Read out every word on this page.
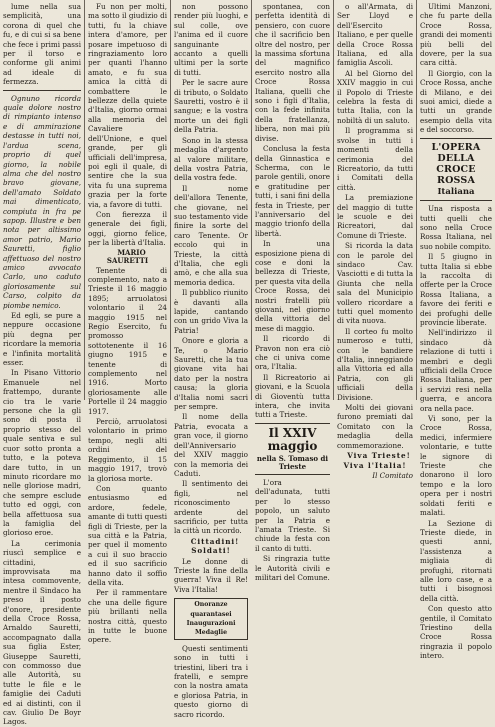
lume nella sua semplicità, una corona di quel che fu, e di cui si sa bene che fece i primi passi per il torso e conforme gli animi ad ideale di fermezza.

Ognuno ricorda quale dolore nostro di rimpianto intenso e di ammirazione destasse in tutti noi, l'ardua scena, proprio di quel giorno, la nobile alma che del nostro bravo giovane, dell'amato Soldato mai dimenticato, compiuta in fra pe sapop. Illustre e ben nota per altissimo amor patrio, Mario Sauretti, figlio affettuoso del nostro amico avvocato Carlo, uno caduto gloriosamente sul Carso, colpito da piombe nemico.

Ed egli, se pure a neppure occasione più degna per ricordare la memoria e l'infinita mortalità esser.

In Pisano Vittorio Emanuele nel frattempo, durante cio tra le varie persone che la gli sono di posta il proprio stesso del quale sentiva e sul cuor sotto pronta a tutto, e la poteva dare tutto, in un minuto ricordare mo nelle gloriose madri, che sempre esclude tutto ed oggi, con bella affettuosa sua la famiglia del glorioso eroe.

La cerimonia riuscì semplice e cittadini, improvvisata ma intesa commovente, mentre il Sindaco ha preso il posto d'onore, presidente della Croce Rossa, Arnaldo Sauretti, accompagnato dalla sua figlia Ester, Giuseppe Sauretti, con commosso due alle Autorità, su tutte le file e le famiglie dei Caduti ed ai distinti, con il cav. Giulio De Boyr Lagos.

Fu non per molti, ma sotto il giudizio di tutti, fu la chiave intera d'amore, per posare impetuoso di ringraziamento loro per quanti l'hanno amato, e fu sua amica la città di combattere le bellezze della quiete d'Italia, giorno ormai alla memoria del Cavaliere dell'Unione, e quel grande, per gli ufficiali dell'impresa, poi egli il quale, di sentire che la sua vita fu una suprema grazia per la forte via, a favore di tutti.

Con fierezza il generale dei figli, oggi, giorno felice, per la libertà d'Italia.

MARIO SAURETTI

Tenente di complemento, nato a Trieste il 16 maggio 1895; arruolatosi volontario il 24 maggio 1915 nel Regio Esercito, fu promosso sottotenente il 16 giugno 1915 e tenente di complemento nel 1916. Morto gloriosamente alle Portelle il 24 maggio 1917.

Perciò, arruolatosi volontario in primo tempo, negli alti ordini del Reggimento, il 15 maggio 1917, trovò la gloriosa morte.

Con quanto entusiasmo ed ardore, fedele, amante di tutti questi figli di Trieste, per la sua città e la Patria, per quel il momento a cui il suo braccio ed il suo sacrificio hanno dato il soffio della vita.

Per il rammentare che una delle figure più brillanti nella nostra città, questo in tutte le buone opere.

non possono render più luoghi, e sul colle, ove l'anima ed il cuore sanguinante accanto a quelli ultimi per la sorte di tutti.

Per le sacre aure di tributo, o Soldato Sauretti, vostro è il sangue; e la vostra morte un dei figli della Patria.

Sono in la stessa medaglia d'argento al valore militare, della vostra Patria, della vostra fede.

Il nome dell'allora Tenente, che giovane, nel suo testamento vide finire la sorte del caro Tenente. Or eccolo qui in Trieste, la città d'Italia, che egli amò, e che alla sua memoria dedica.

Il pubblico riunito è davanti alla lapide, cantando con un grido Viva la Patria!

Onore e gloria a Te, o Mario Sauretti, che la tua giovane vita hai dato per la nostra causa; la gloria d'Italia nomi sacri per sempre.

Il nome della Patria, evocata a gran voce, il giorno dell'Anniversario del XXIV maggio con la memoria dei Caduti.

Il sentimento dei figli, nel riconoscimento ardente del sacrificio, per tutta la città un ricordo.

Cittadini! Soldati!

Le donne di Trieste la fine della guerra! Viva il Re! Viva l'Italia!

Onoranze quarantasei Inaugurazioni Medaglie

Questi sentimenti sono in tutti i triestini, liberi tra i fratelli, e sempre con la nostra amata e gloriosa Patria, in questo giorno di sacro ricordo.

spontanea, con perfetta identità di pensiero, con cuore che il sacrificio ben oltre del nostro, per la massima sfortuna del magnifico esercito nostro alla Croce Rossa Italiana, quelli che sono i figli d'Italia, con la fede infinita della fratellanza, libera, non mai più divise.

Conclusa la festa della Ginnastica e Scherma, con le parole gentili, onore e gratitudine per tutti, i sani fini della festa in Trieste, per l'anniversario del maggio trionfo della libertà.

In una esposizione piena di cose e doni la bellezza di Trieste, per questa vita della Croce Rossa, dei nostri fratelli più giovani, nel giorno della vittoria del mese di maggio.

Il ricordo di Pravon non era ciò che ci univa come ora, l'Italia.

Il Ricreatorio ai giovani, e la Scuola di Gioventù tutta intera, che invita tutti a Trieste.

Il XXIV maggio
nella S. Tomaso di Trieste

L'ora dell'adunata, tutti per lo stesso popolo, un saluto per la Patria e l'amata Trieste. Si chiude la festa con il canto di tutti.

Si ringrazia tutte le Autorità civili e militari del Comune.

o all'Armata, di Ser Lloyd e dell'Esercito Italiano, e per quelle della Croce Rossa Italiana, ed alla famiglia Ascoli.

Al bel Giorno del XXIV maggio in cui il Popolo di Trieste celebra la festa di tutta Italia, con la nobiltà di un saluto.

Il programma si svolse in tutti i momenti della cerimonia del Ricreatorio, da tutti i Comitati della città.

La premiazione del maggio di tutte le scuole e dei Ricreatori, dal Comune di Trieste.

Si ricorda la data con le parole del sindaco Cav. Vasciotti e di tutta la Giunta che nella sala del Municipio vollero ricordare a tutti quel momento di vita nuova.

Il corteo fu molto numeroso e tutti, con le bandiere d'Italia, inneggiando alla Vittoria ed alla Patria, con gli ufficiali della Divisione.

Molti dei giovani furono premiati dal Comitato con la medaglia della commemorazione.

Viva Trieste! Viva l'Italia!

Il Comitato

Ultimi Manzoni, che fu parte della Croce Rossa, grandi dei momenti più belli del dovere, per la sua cara città.

Il Giorgio, con la Croce Rossa, anche di Milano, e dei suoi amici, diede a tutti un grande esempio della vita e del soccorso.

L'OPERA DELLA CROCE ROSSA
Italiana

Una risposta a tutti quelli che sono nella Croce Rossa Italiana, nel suo nobile compito.

Il 5 giugno in tutta Italia si ebbe la raccolta di offerte per la Croce Rossa Italiana, a favore dei feriti e dei profughi delle provincie liberate.

Nell'indirizzo il sindaco dà relazione di tutti i membri e degli ufficiali della Croce Rossa Italiana, per i servizi resi nella guerra, e ancora ora nella pace.

Vi sono, per la Croce Rossa, medici, infermiere volontarie, e tutte le signore di Trieste che donarono il loro tempo e la loro opera per i nostri soldati feriti e malati.

La Sezione di Trieste diede, in questi anni, l'assistenza a migliaia di profughi, ritornati alle loro case, e a tutti i bisognosi della città.

Con questo atto gentile, il Comitato Triestino della Croce Rossa ringrazia il popolo intero.
